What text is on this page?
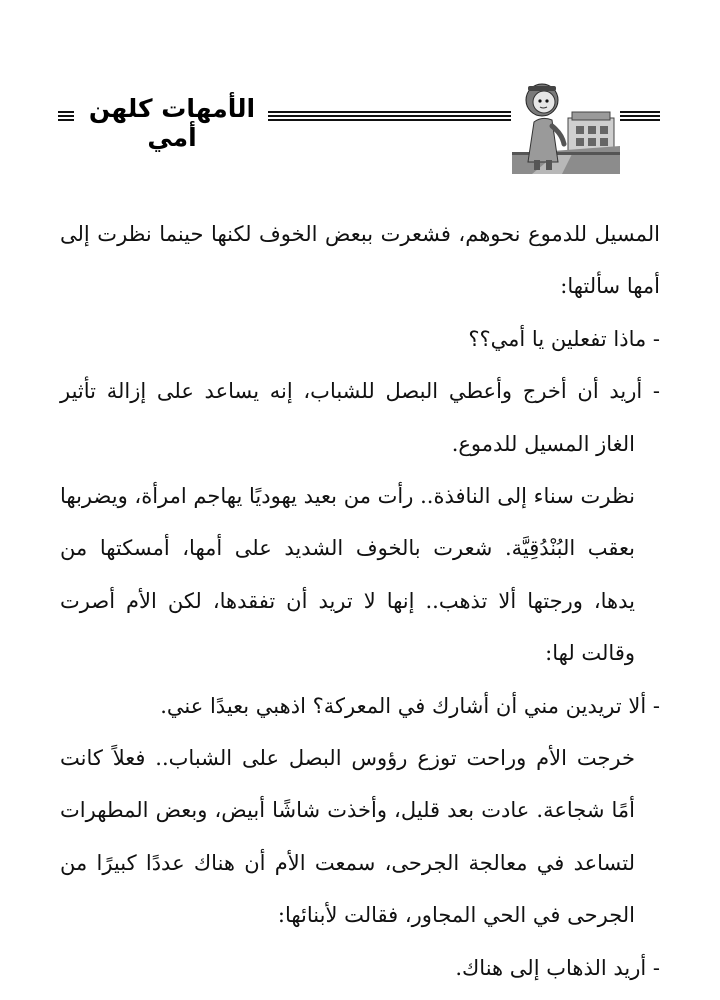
الأمهات كلهن أمي

المسيل للدموع نحوهم، فشعرت ببعض الخوف لكنها حينما نظرت إلى أمها سألتها:

- ماذا تفعلين يا أمي؟؟

- أريد أن أخرج وأعطي البصل للشباب، إنه يساعد على إزالة تأثير الغاز المسيل للدموع.

نظرت سناء إلى النافذة.. رأت من بعيد يهوديًا يهاجم امرأة، ويضربها بعقب البُنْدُقِيَّة. شعرت بالخوف الشديد على أمها، أمسكتها من يدها، ورجتها ألا تذهب.. إنها لا تريد أن تفقدها، لكن الأم أصرت وقالت لها:

- ألا تريدين مني أن أشارك في المعركة؟ اذهبي بعيدًا عني.

خرجت الأم وراحت توزع رؤوس البصل على الشباب.. فعلاً كانت أمًا شجاعة. عادت بعد قليل، وأخذت شاشًا أبيض، وبعض المطهرات لتساعد في معالجة الجرحى، سمعت الأم أن هناك عددًا كبيرًا من الجرحى في الحي المجاور، فقالت لأبنائها:

- أريد الذهاب إلى هناك.
